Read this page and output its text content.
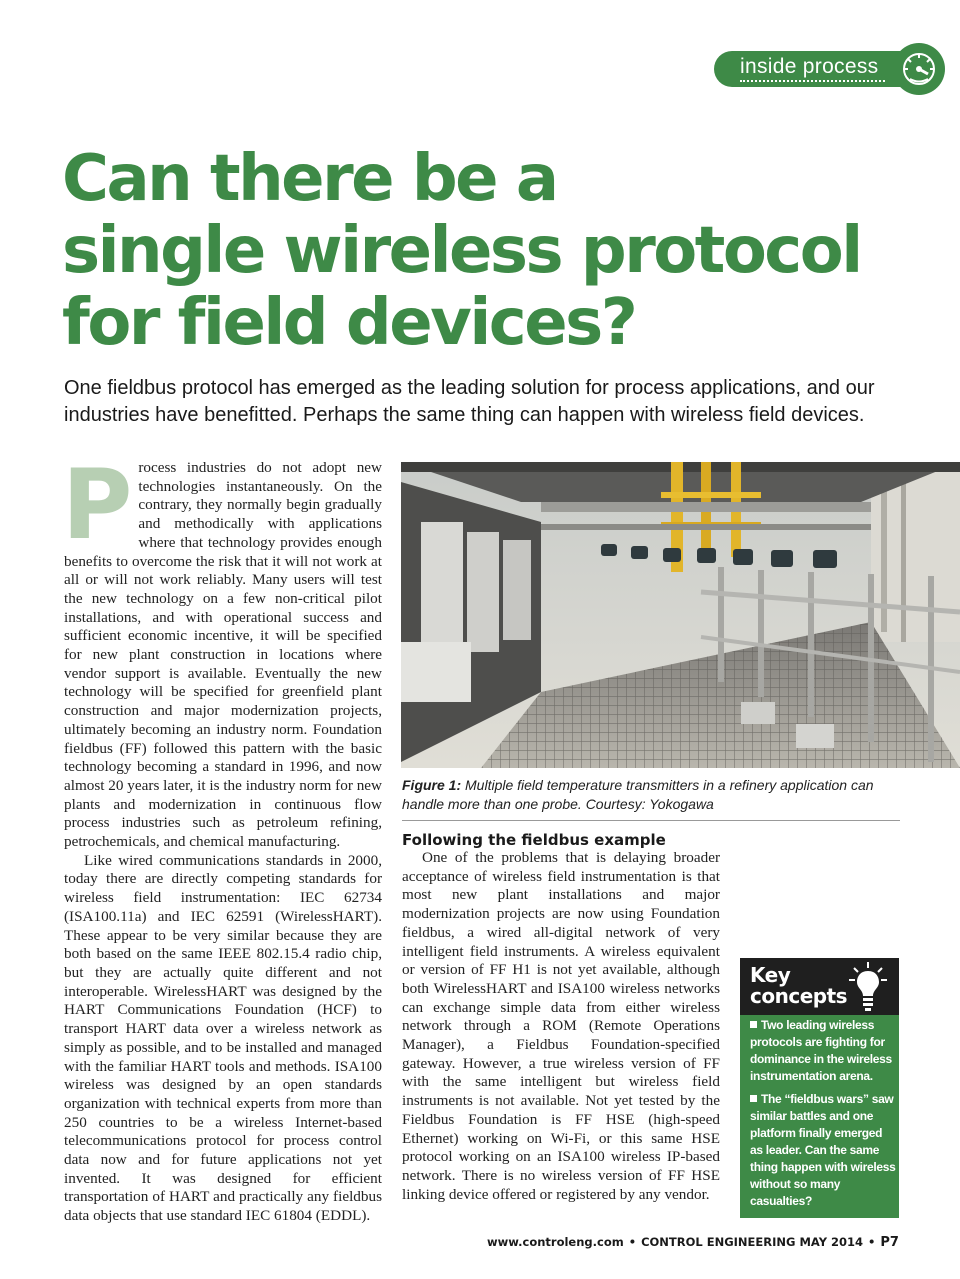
inside process
Can there be a
single wireless protocol
for field devices?
One fieldbus protocol has emerged as the leading solution for process applications, and our industries have benefitted. Perhaps the same thing can happen with wireless field devices.

Process industries do not adopt new technologies instantaneously. On the contrary, they normally begin gradually and methodically with applications where that technology provides enough benefits to overcome the risk that it will not work at all or will not work reliably. Many users will test the new technology on a few non-critical pilot installations, and with operational success and sufficient economic incentive, it will be specified for new plant construction in locations where vendor support is available. Eventually the new technology will be specified for greenfield plant construction and major modernization projects, ultimately becoming an industry norm. Foundation fieldbus (FF) followed this pattern with the basic technology becoming a standard in 1996, and now almost 20 years later, it is the industry norm for new plants and modernization in continuous flow process industries such as petroleum refining, petrochemicals, and chemical manufacturing.

Like wired communications standards in 2000, today there are directly competing standards for wireless field instrumentation: IEC 62734 (ISA100.11a) and IEC 62591 (WirelessHART). These appear to be very similar because they are both based on the same IEEE 802.15.4 radio chip, but they are actually quite different and not interoperable. WirelessHART was designed by the HART Communications Foundation (HCF) to transport HART data over a wireless network as simply as possible, and to be installed and managed with the familiar HART tools and methods. ISA100 wireless was designed by an open standards organization with technical experts from more than 250 countries to be a wireless Internet-based telecommunications protocol for process control data now and for future applications not yet invented. It was designed for efficient transportation of HART and practically any fieldbus data objects that use standard IEC 61804 (EDDL).

Figure 1: Multiple field temperature transmitters in a refinery application can handle more than one probe. Courtesy: Yokogawa
Following the fieldbus example

One of the problems that is delaying broader acceptance of wireless field instrumentation is that most new plant installations and major modernization projects are now using Foundation fieldbus, a wired all-digital network of very intelligent field instruments. A wireless equivalent or version of FF H1 is not yet available, although both WirelessHART and ISA100 wireless networks can exchange simple data from either wireless network through a ROM (Remote Operations Manager), a Fieldbus Foundation-specified gateway. However, a true wireless version of FF with the same intelligent but wireless field instruments is not available. Not yet tested by the Fieldbus Foundation is FF HSE (high-speed Ethernet) working on Wi-Fi, or this same HSE protocol working on an ISA100 wireless IP-based network. There is no wireless version of FF HSE linking device offered or registered by any vendor.

Key
concepts
Two leading wireless protocols are fighting for dominance in the wireless instrumentation arena.
The “fieldbus wars” saw similar battles and one platform finally emerged as leader. Can the same thing happen with wireless without so many casualties?
www.controleng.com • CONTROL ENGINEERING MAY 2014 • P7
